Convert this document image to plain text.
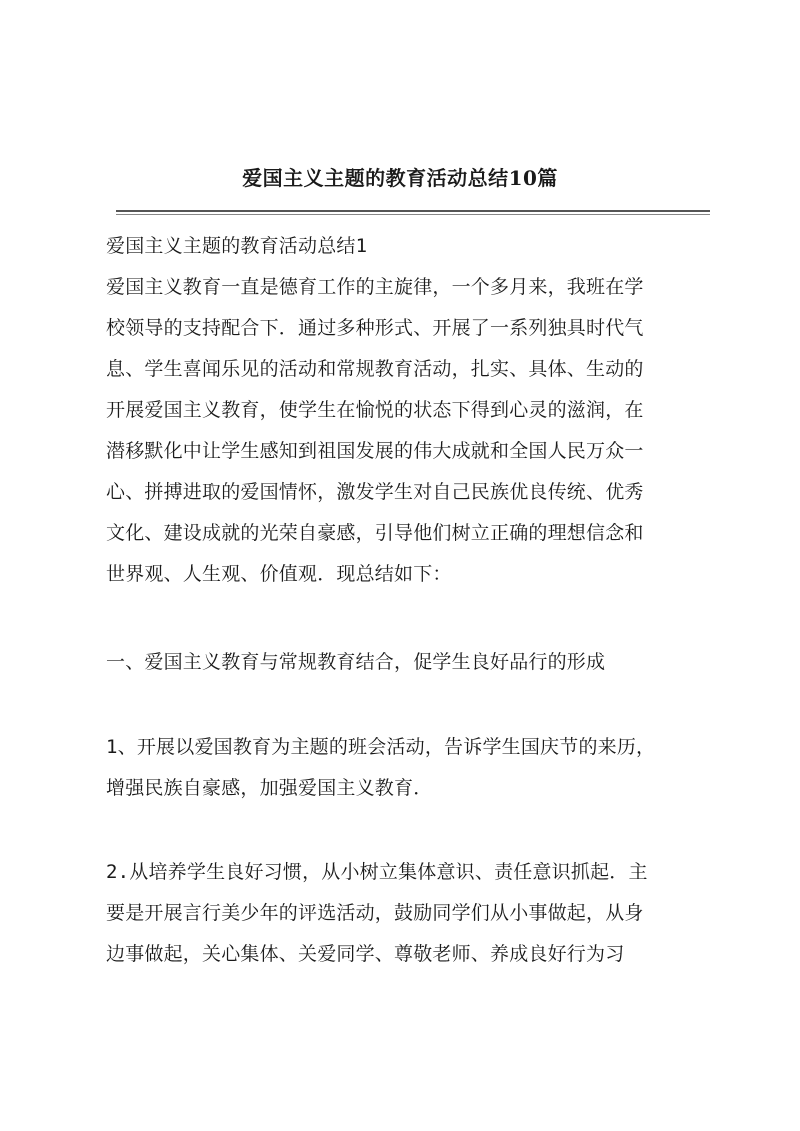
爱国主义主题的教育活动总结10篇
爱国主义主题的教育活动总结1
爱国主义教育一直是德育工作的主旋律，一个多月来，我班在学
校领导的支持配合下．通过多种形式、开展了一系列独具时代气
息、学生喜闻乐见的活动和常规教育活动，扎实、具体、生动的
开展爱国主义教育，使学生在愉悦的状态下得到心灵的滋润，在
潜移默化中让学生感知到祖国发展的伟大成就和全国人民万众一
心、拼搏进取的爱国情怀，激发学生对自己民族优良传统、优秀
文化、建设成就的光荣自豪感，引导他们树立正确的理想信念和
世界观、人生观、价值观．现总结如下：
一、爱国主义教育与常规教育结合，促学生良好品行的形成
1、开展以爱国教育为主题的班会活动，告诉学生国庆节的来历，
增强民族自豪感，加强爱国主义教育．
2.从培养学生良好习惯，从小树立集体意识、责任意识抓起．主
要是开展言行美少年的评选活动，鼓励同学们从小事做起，从身
边事做起，关心集体、关爱同学、尊敬老师、养成良好行为习
